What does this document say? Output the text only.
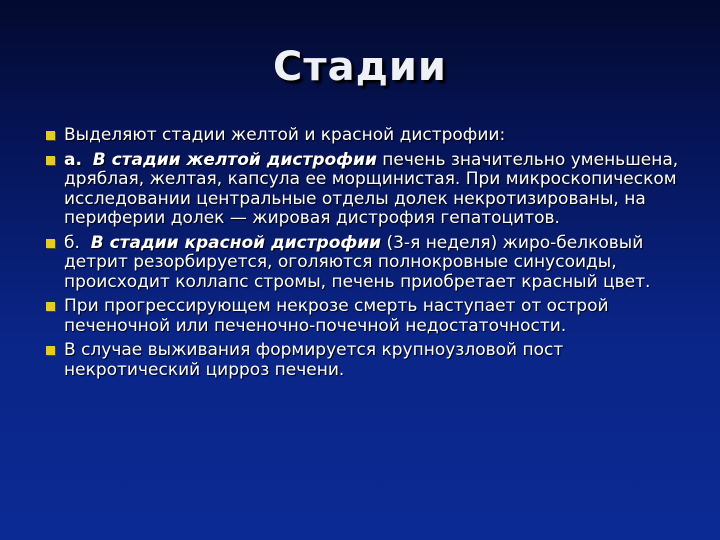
Стадии
Выделяют стадии желтой и красной дистрофии:
а. В стадии желтой дистрофии печень значительно уменьшена, дряблая, желтая, капсула ее морщинистая. При микроскопическом исследовании центральные отделы долек некротизированы, на периферии долек — жировая дистрофия гепатоцитов.
б. В стадии красной дистрофии (3-я неделя) жиро-белковый детрит резорбируется, оголяются полнокровные синусоиды, происходит коллапс стромы, печень приобретает красный цвет.
При прогрессирующем некрозе смерть наступает от острой печеночной или печеночно-почечной недостаточности.
В случае выживания формируется крупноузловой пост некротический цирроз печени.
